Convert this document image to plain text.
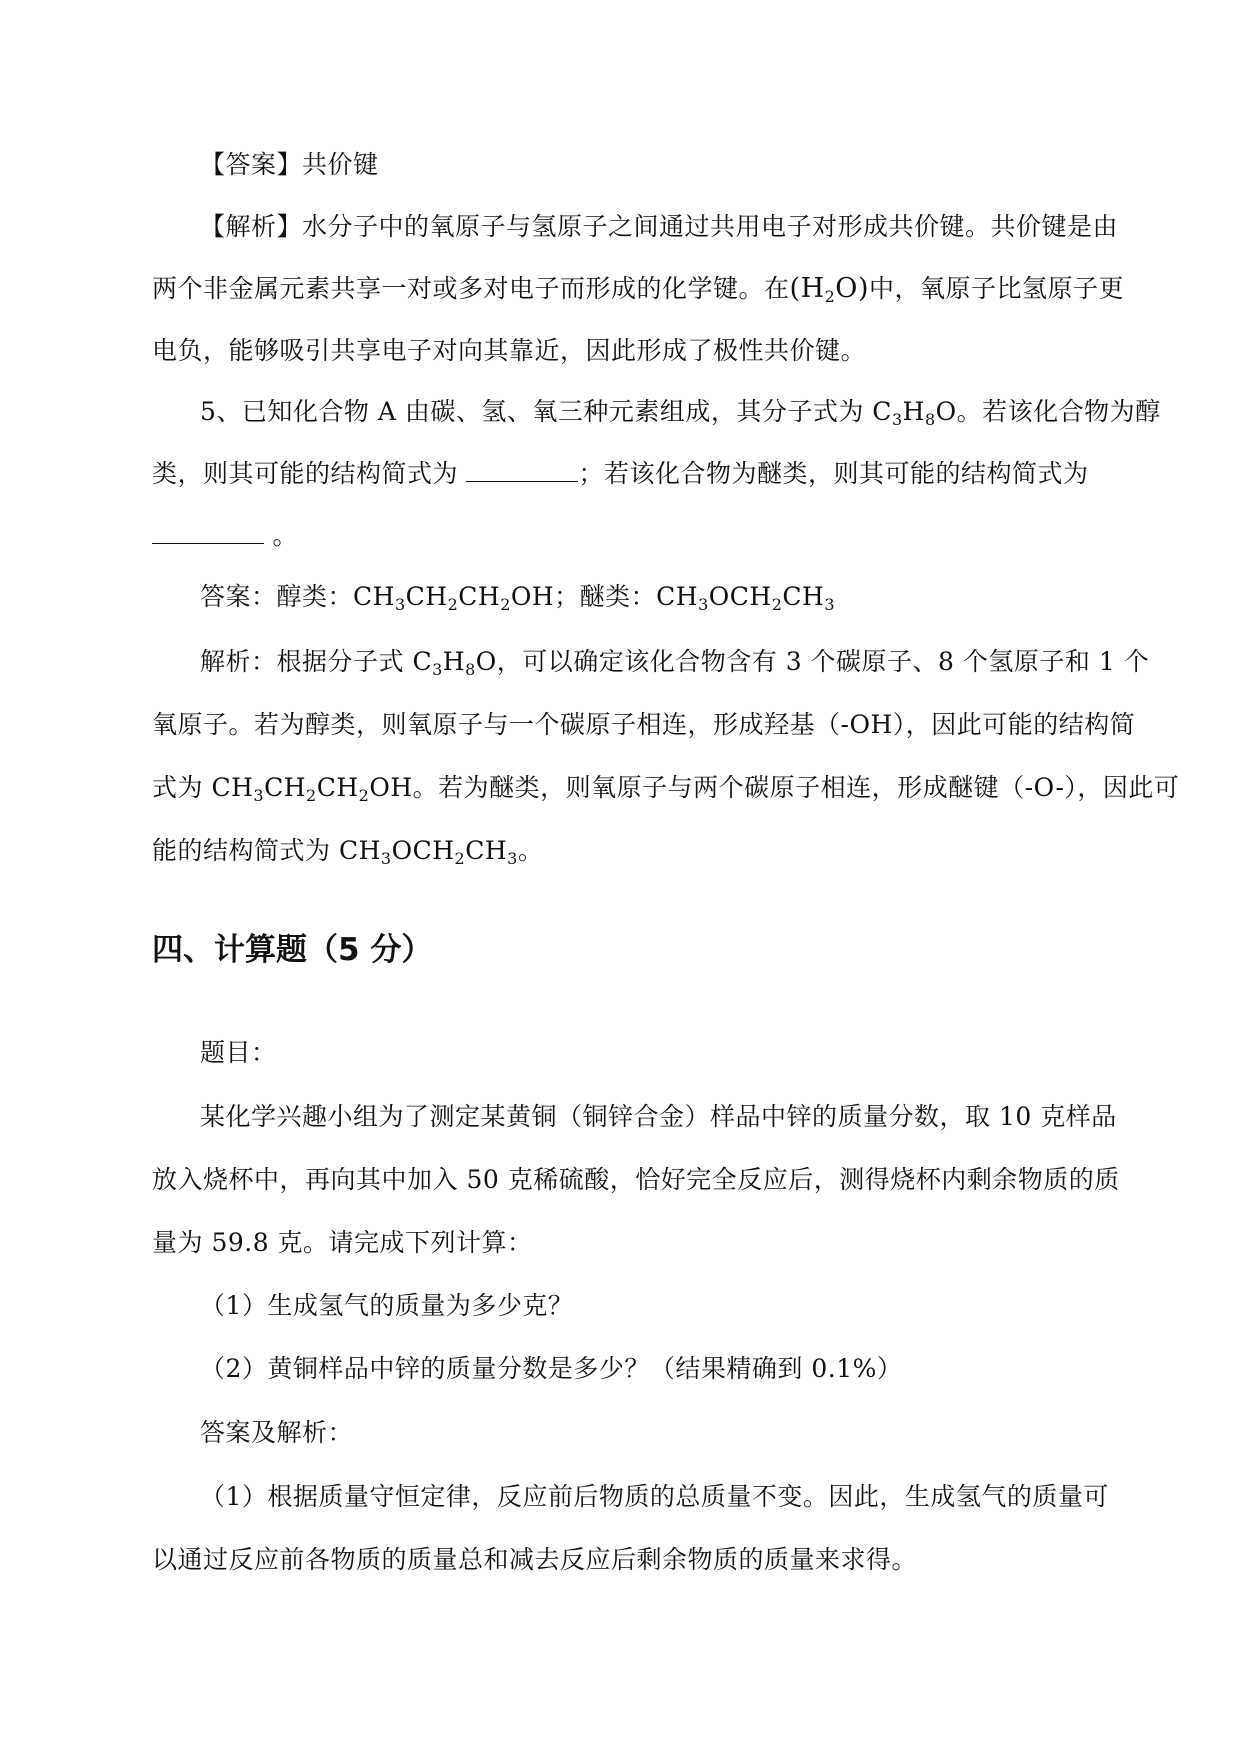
【答案】共价键
【解析】水分子中的氧原子与氢原子之间通过共用电子对形成共价键。共价键是由
两个非金属元素共享一对或多对电子而形成的化学键。在$(H_2O)$中，氧原子比氢原子更
电负，能够吸引共享电子对向其靠近，因此形成了极性共价键。
5、已知化合物 A 由碳、氢、氧三种元素组成，其分子式为 $C_3H_8O$。若该化合物为醇
类，则其可能的结构简式为	；若该化合物为醚类，则其可能的结构简式为
。
答案：醇类：$CH_3CH_2CH_2OH$；醚类：$CH_3OCH_2CH_3$
解析：根据分子式 $C_3H_8O$，可以确定该化合物含有 3 个碳原子、8 个氢原子和 1 个
氧原子。若为醇类，则氧原子与一个碳原子相连，形成羟基（-OH），因此可能的结构简
式为 $CH_3CH_2CH_2OH$。若为醚类，则氧原子与两个碳原子相连，形成醚键（-O-），因此可
能的结构简式为 $CH_3OCH_2CH_3$。
四、计算题（5 分）
题目：
某化学兴趣小组为了测定某黄铜（铜锌合金）样品中锌的质量分数，取 10 克样品
放入烧杯中，再向其中加入 50 克稀硫酸，恰好完全反应后，测得烧杯内剩余物质的质
量为 59.8 克。请完成下列计算：
（1）生成氢气的质量为多少克？
（2）黄铜样品中锌的质量分数是多少？（结果精确到 0.1%）
答案及解析：
（1）根据质量守恒定律，反应前后物质的总质量不变。因此，生成氢气的质量可
以通过反应前各物质的质量总和减去反应后剩余物质的质量来求得。
